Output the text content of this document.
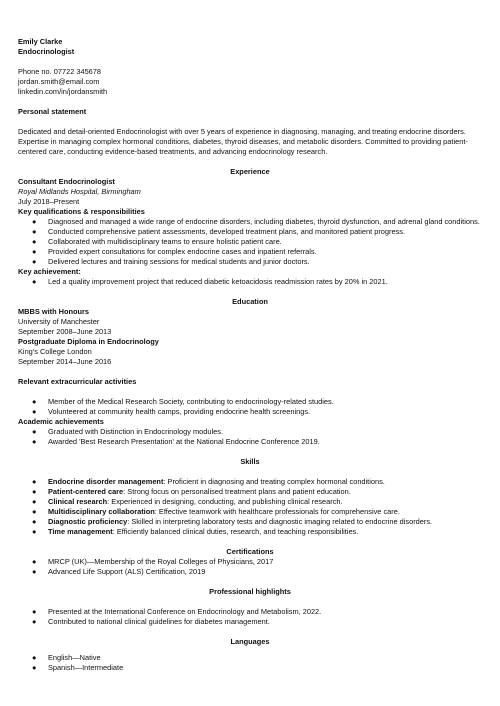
Emily Clarke
Endocrinologist
Phone no. 07722 345678
jordan.smith@email.com
linkedin.com/in/jordansmith
Personal statement

Dedicated and detail-oriented Endocrinologist with over 5 years of experience in diagnosing, managing, and treating endocrine disorders. Expertise in managing complex hormonal conditions, diabetes, thyroid diseases, and metabolic disorders. Committed to providing patient-centered care, conducting evidence-based treatments, and advancing endocrinology research.

Experience
Consultant Endocrinologist
Royal Midlands Hospital, Birmingham
July 2018–Present
Key qualifications & responsibilities
● Diagnosed and managed a wide range of endocrine disorders, including diabetes, thyroid dysfunction, and adrenal gland conditions.
● Conducted comprehensive patient assessments, developed treatment plans, and monitored patient progress.
● Collaborated with multidisciplinary teams to ensure holistic patient care.
● Provided expert consultations for complex endocrine cases and inpatient referrals.
● Delivered lectures and training sessions for medical students and junior doctors.
Key achievement:
● Led a quality improvement project that reduced diabetic ketoacidosis readmission rates by 20% in 2021.
Education
MBBS with Honours
University of Manchester
September 2008–June 2013
Postgraduate Diploma in Endocrinology
King's College London
September 2014–June 2016
Relevant extracurricular activities
● Member of the Medical Research Society, contributing to endocrinology-related studies.
● Volunteered at community health camps, providing endocrine health screenings.
Academic achievements
● Graduated with Distinction in Endocrinology modules.
● Awarded 'Best Research Presentation' at the National Endocrine Conference 2019.
Skills
● Endocrine disorder management: Proficient in diagnosing and treating complex hormonal conditions.
● Patient-centered care: Strong focus on personalised treatment plans and patient education.
● Clinical research: Experienced in designing, conducting, and publishing clinical research.
● Multidisciplinary collaboration: Effective teamwork with healthcare professionals for comprehensive care.
● Diagnostic proficiency: Skilled in interpreting laboratory tests and diagnostic imaging related to endocrine disorders.
● Time management: Efficiently balanced clinical duties, research, and teaching responsibilities.
Certifications
● MRCP (UK)—Membership of the Royal Colleges of Physicians, 2017
● Advanced Life Support (ALS) Certification, 2019
Professional highlights
● Presented at the International Conference on Endocrinology and Metabolism, 2022.
● Contributed to national clinical guidelines for diabetes management.
Languages
● English—Native
● Spanish—Intermediate
